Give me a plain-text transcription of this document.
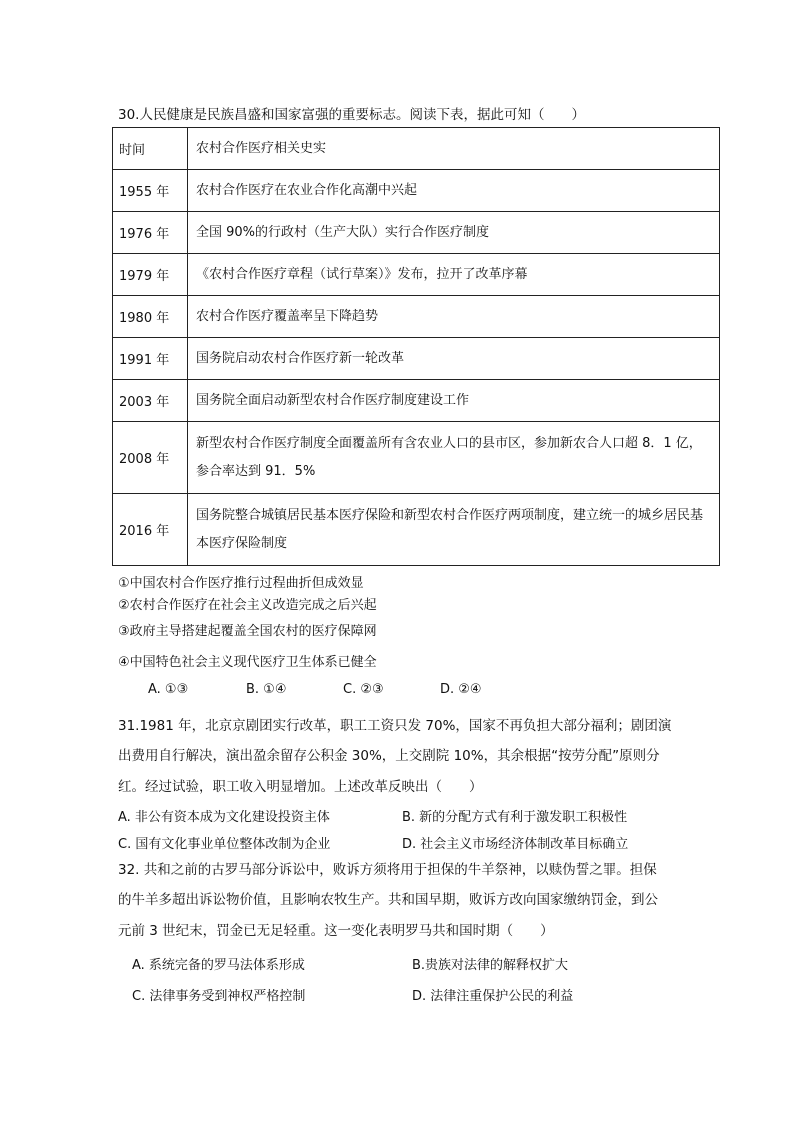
30.人民健康是民族昌盛和国家富强的重要标志。阅读下表，据此可知（　　）
时间	农村合作医疗相关史实
1955 年	农村合作医疗在农业合作化高潮中兴起
1976 年	全国 90%的行政村（生产大队）实行合作医疗制度
1979 年	《农村合作医疗章程（试行草案）》发布，拉开了改革序幕
1980 年	农村合作医疗覆盖率呈下降趋势
1991 年	国务院启动农村合作医疗新一轮改革
2003 年	国务院全面启动新型农村合作医疗制度建设工作
2008 年	新型农村合作医疗制度全面覆盖所有含农业人口的县市区，参加新农合人口超 8．1 亿，参合率达到 91．5%
2016 年	国务院整合城镇居民基本医疗保险和新型农村合作医疗两项制度，建立统一的城乡居民基本医疗保险制度
①中国农村合作医疗推行过程曲折但成效显
②农村合作医疗在社会主义改造完成之后兴起
③政府主导搭建起覆盖全国农村的医疗保障网
④中国特色社会主义现代医疗卫生体系已健全
A. ①③	B. ①④	C. ②③	D. ②④
31.1981 年，北京京剧团实行改革，职工工资只发 70%，国家不再负担大部分福利；剧团演
出费用自行解决，演出盈余留存公积金 30%，上交剧院 10%，其余根据“按劳分配”原则分
红。经过试验，职工收入明显增加。上述改革反映出（　　）
A. 非公有资本成为文化建设投资主体	B. 新的分配方式有利于激发职工积极性
C. 国有文化事业单位整体改制为企业	D. 社会主义市场经济体制改革目标确立
32. 共和之前的古罗马部分诉讼中，败诉方须将用于担保的牛羊祭神，以赎伪誓之罪。担保
的牛羊多超出诉讼物价值，且影响农牧生产。共和国早期，败诉方改向国家缴纳罚金，到公
元前 3 世纪末，罚金已无足轻重。这一变化表明罗马共和国时期（　　）
A. 系统完备的罗马法体系形成	B.贵族对法律的解释权扩大
C. 法律事务受到神权严格控制	D. 法律注重保护公民的利益
